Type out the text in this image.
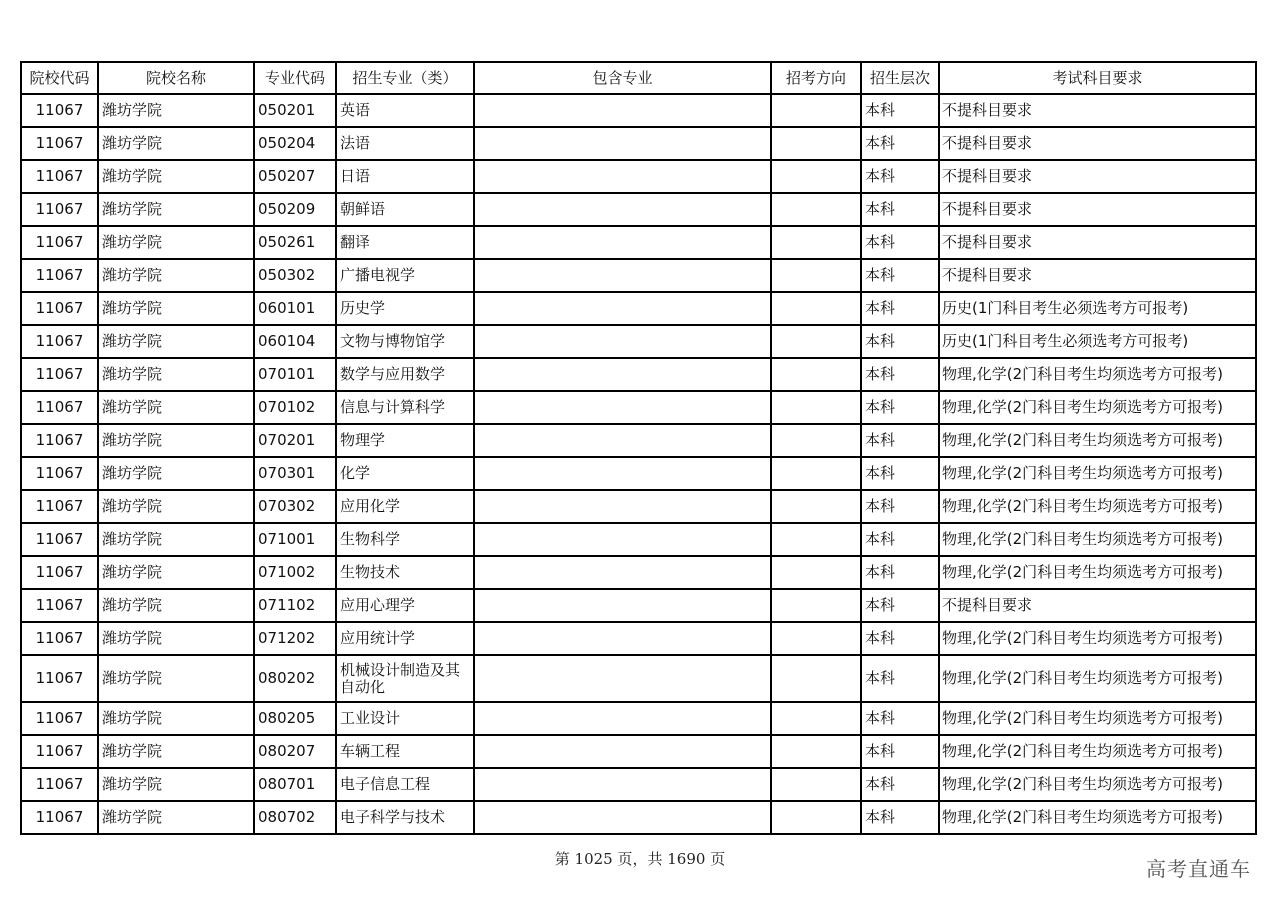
院校代码	院校名称	专业代码	招生专业（类）	包含专业	招考方向	招生层次	考试科目要求
11067	潍坊学院	050201	英语			本科	不提科目要求
11067	潍坊学院	050204	法语			本科	不提科目要求
11067	潍坊学院	050207	日语			本科	不提科目要求
11067	潍坊学院	050209	朝鲜语			本科	不提科目要求
11067	潍坊学院	050261	翻译			本科	不提科目要求
11067	潍坊学院	050302	广播电视学			本科	不提科目要求
11067	潍坊学院	060101	历史学			本科	历史(1门科目考生必须选考方可报考)
11067	潍坊学院	060104	文物与博物馆学			本科	历史(1门科目考生必须选考方可报考)
11067	潍坊学院	070101	数学与应用数学			本科	物理,化学(2门科目考生均须选考方可报考)
11067	潍坊学院	070102	信息与计算科学			本科	物理,化学(2门科目考生均须选考方可报考)
11067	潍坊学院	070201	物理学			本科	物理,化学(2门科目考生均须选考方可报考)
11067	潍坊学院	070301	化学			本科	物理,化学(2门科目考生均须选考方可报考)
11067	潍坊学院	070302	应用化学			本科	物理,化学(2门科目考生均须选考方可报考)
11067	潍坊学院	071001	生物科学			本科	物理,化学(2门科目考生均须选考方可报考)
11067	潍坊学院	071002	生物技术			本科	物理,化学(2门科目考生均须选考方可报考)
11067	潍坊学院	071102	应用心理学			本科	不提科目要求
11067	潍坊学院	071202	应用统计学			本科	物理,化学(2门科目考生均须选考方可报考)
11067	潍坊学院	080202	机械设计制造及其自动化			本科	物理,化学(2门科目考生均须选考方可报考)
11067	潍坊学院	080205	工业设计			本科	物理,化学(2门科目考生均须选考方可报考)
11067	潍坊学院	080207	车辆工程			本科	物理,化学(2门科目考生均须选考方可报考)
11067	潍坊学院	080701	电子信息工程			本科	物理,化学(2门科目考生均须选考方可报考)
11067	潍坊学院	080702	电子科学与技术			本科	物理,化学(2门科目考生均须选考方可报考)
第 1025 页，共 1690 页	高考直通车
